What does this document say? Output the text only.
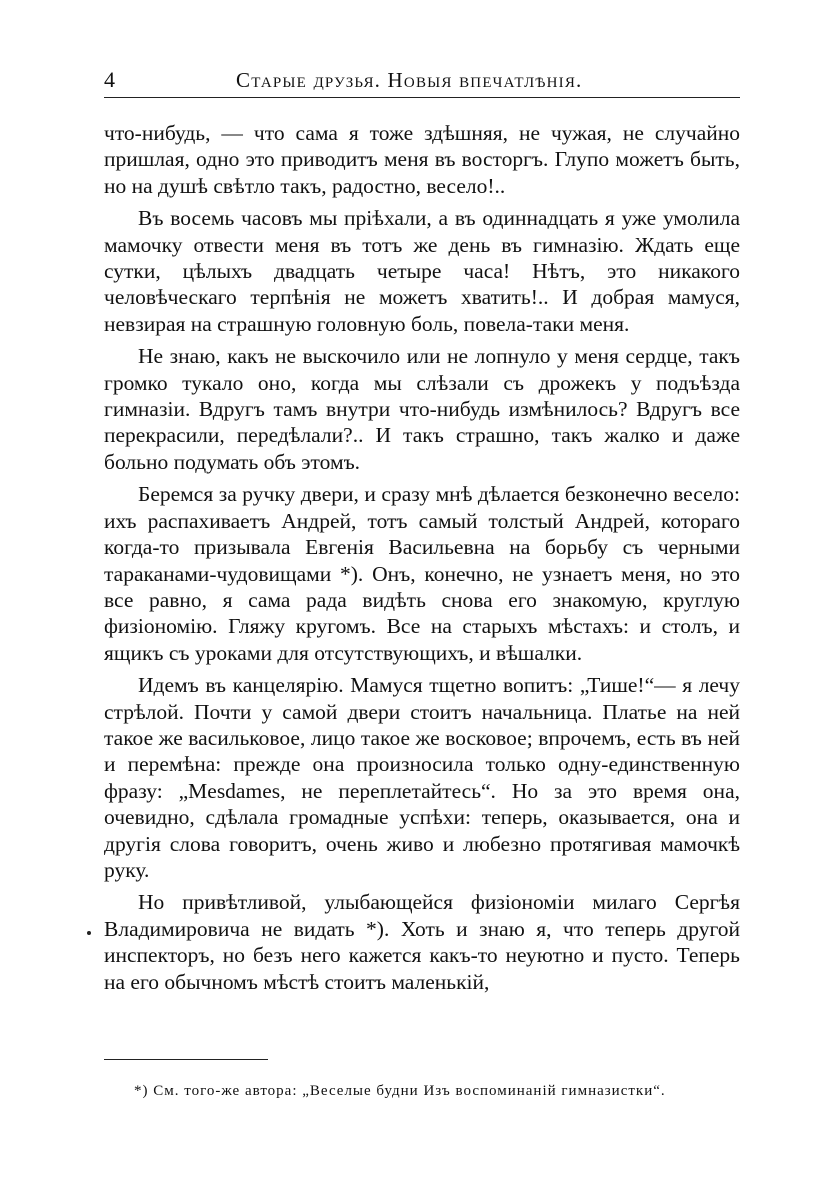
4	Старые друзья. Новыя впечатлѣнія.

что-нибудь, — что сама я тоже здѣшняя, не чужая, не случайно пришлая, одно это приводитъ меня въ восторгъ. Глупо можетъ быть, но на душѣ свѣтло такъ, радостно, весело!..

Въ восемь часовъ мы пріѣхали, а въ одиннадцать я уже умолила мамочку отвести меня въ тотъ же день въ гимназію. Ждать еще сутки, цѣлыхъ двадцать четыре часа! Нѣтъ, это никакого человѣческаго терпѣнія не можетъ хватить!.. И добрая мамуся, невзирая на страшную головную боль, повела-таки меня.

Не знаю, какъ не выскочило или не лопнуло у меня сердце, такъ громко тукало оно, когда мы слѣзали съ дрожекъ у подъѣзда гимназіи. Вдругъ тамъ внутри что-нибудь измѣнилось? Вдругъ все перекрасили, передѣлали?.. И такъ страшно, такъ жалко и даже больно подумать объ этомъ.

Беремся за ручку двери, и сразу мнѣ дѣлается безконечно весело: ихъ распахиваетъ Андрей, тотъ самый толстый Андрей, котораго когда-то призывала Евгенія Васильевна на борьбу съ черными тараканами-чудовищами *). Онъ, конечно, не узнаетъ меня, но это все равно, я сама рада видѣть снова его знакомую, круглую физіономію. Гляжу кругомъ. Все на старыхъ мѣстахъ: и столъ, и ящикъ съ уроками для отсутствующихъ, и вѣшалки.

Идемъ въ канцелярію. Мамуся тщетно вопитъ: „Тише!“— я лечу стрѣлой. Почти у самой двери стоитъ начальница. Платье на ней такое же васильковое, лицо такое же восковое; впрочемъ, есть въ ней и перемѣна: прежде она произносила только одну-единственную фразу: „Mesdames, не переплетайтесь“. Но за это время она, очевидно, сдѣлала громадные успѣхи: теперь, оказывается, она и другія слова говоритъ, очень живо и любезно протягивая мамочкѣ руку.

Но привѣтливой, улыбающейся физіономіи милаго Сергѣя Владимировича не видать *). Хоть и знаю я, что теперь другой инспекторъ, но безъ него кажется какъ-то неуютно и пусто. Теперь на его обычномъ мѣстѣ стоитъ маленькій,

*) См. того-же автора: „Веселые будни Изъ воспоминаній гимназистки“.
